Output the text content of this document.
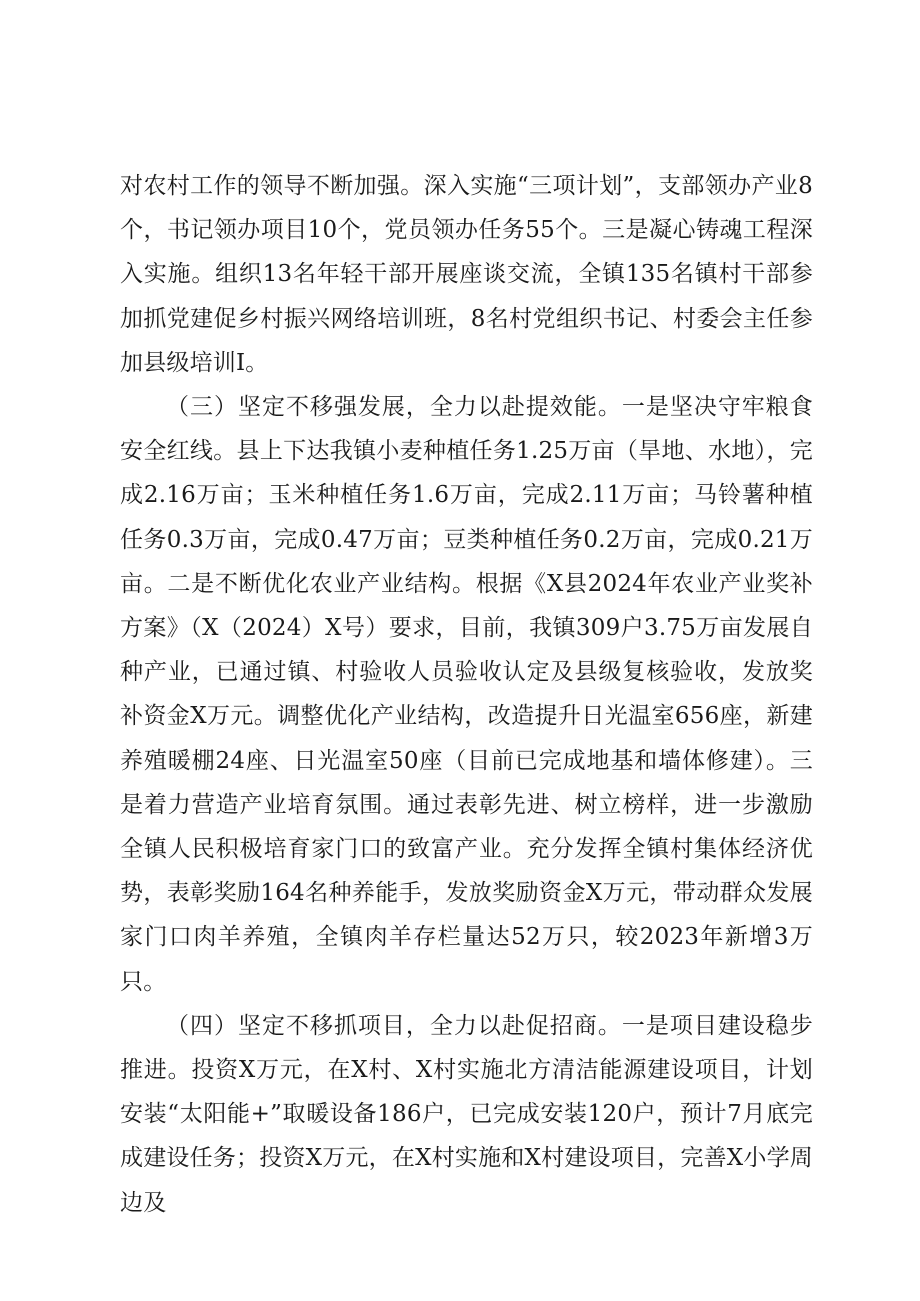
对农村工作的领导不断加强。深入实施“三项计划”，支部领办产业8个，书记领办项目10个，党员领办任务55个。三是凝心铸魂工程深入实施。组织13名年轻干部开展座谈交流，全镇135名镇村干部参加抓党建促乡村振兴网络培训班，8名村党组织书记、村委会主任参加县级培训I。

（三）坚定不移强发展，全力以赴提效能。一是坚决守牢粮食安全红线。县上下达我镇小麦种植任务1.25万亩（旱地、水地），完成2.16万亩；玉米种植任务1.6万亩，完成2.11万亩；马铃薯种植任务0.3万亩，完成0.47万亩；豆类种植任务0.2万亩，完成0.21万亩。二是不断优化农业产业结构。根据《X县2024年农业产业奖补方案》（X（2024）X号）要求，目前，我镇309户3.75万亩发展自种产业，已通过镇、村验收人员验收认定及县级复核验收，发放奖补资金X万元。调整优化产业结构，改造提升日光温室656座，新建养殖暖棚24座、日光温室50座（目前已完成地基和墙体修建）。三是着力营造产业培育氛围。通过表彰先进、树立榜样，进一步激励全镇人民积极培育家门口的致富产业。充分发挥全镇村集体经济优势，表彰奖励164名种养能手，发放奖励资金X万元，带动群众发展家门口肉羊养殖，全镇肉羊存栏量达52万只，较2023年新增3万只。

（四）坚定不移抓项目，全力以赴促招商。一是项目建设稳步推进。投资X万元，在X村、X村实施北方清洁能源建设项目，计划安装“太阳能+”取暖设备186户，已完成安装120户，预计7月底完成建设任务；投资X万元，在X村实施和X村建设项目，完善X小学周边及
